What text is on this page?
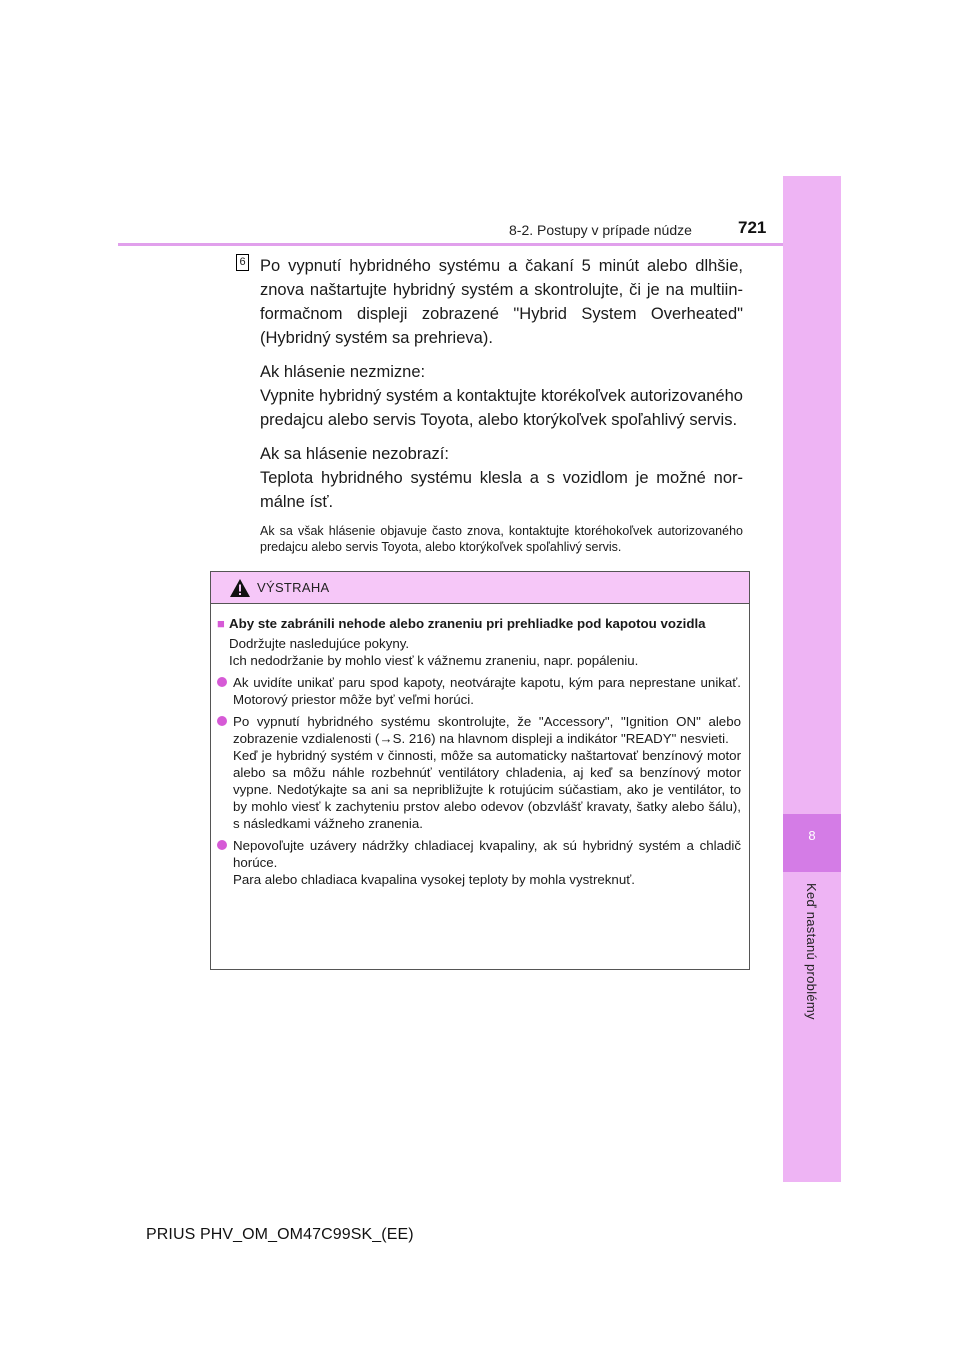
8
Keď nastanú problémy
8-2. Postupy v prípade núdze	721
6 Po vypnutí hybridného systému a čakaní 5 minút alebo dlhšie, znova naštartujte hybridný systém a skontrolujte, či je na multiinformačnom displeji zobrazené "Hybrid System Overheated" (Hybridný systém sa prehrieva).

Ak hlásenie nezmizne:

Vypnite hybridný systém a kontaktujte ktorékoľvek autorizovaného predajcu alebo servis Toyota, alebo ktorýkoľvek spoľahlivý servis.

Ak sa hlásenie nezobrazí:

Teplota hybridného systému klesla a s vozidlom je možné normálne ísť.

Ak sa však hlásenie objavuje často znova, kontaktujte ktoréhokoľvek autorizovaného predajcu alebo servis Toyota, alebo ktorýkoľvek spoľahlivý servis.

VÝSTRAHA
■ Aby ste zabránili nehode alebo zraneniu pri prehliadke pod kapotou vozidla
Dodržujte nasledujúce pokyny.
Ich nedodržanie by mohlo viesť k vážnemu zraneniu, napr. popáleniu.
Ak uvidíte unikať paru spod kapoty, neotvárajte kapotu, kým para neprestane unikať. Motorový priestor môže byť veľmi horúci.
Po vypnutí hybridného systému skontrolujte, že "Accessory", "Ignition ON" alebo zobrazenie vzdialenosti (→S. 216) na hlavnom displeji a indikátor "READY" nesvieti.
Keď je hybridný systém v činnosti, môže sa automaticky naštartovať benzínový motor alebo sa môžu náhle rozbehnúť ventilátory chladenia, aj keď sa benzínový motor vypne. Nedotýkajte sa ani sa nepribližujte k rotujúcim súčastiam, ako je ventilátor, to by mohlo viesť k zachyteniu prstov alebo odevov (obzvlášť kravaty, šatky alebo šálu), s následkami vážneho zranenia.
Nepovoľujte uzávery nádržky chladiacej kvapaliny, ak sú hybridný systém a chladič horúce.
Para alebo chladiaca kvapalina vysokej teploty by mohla vystreknuť.
PRIUS PHV_OM_OM47C99SK_(EE)
